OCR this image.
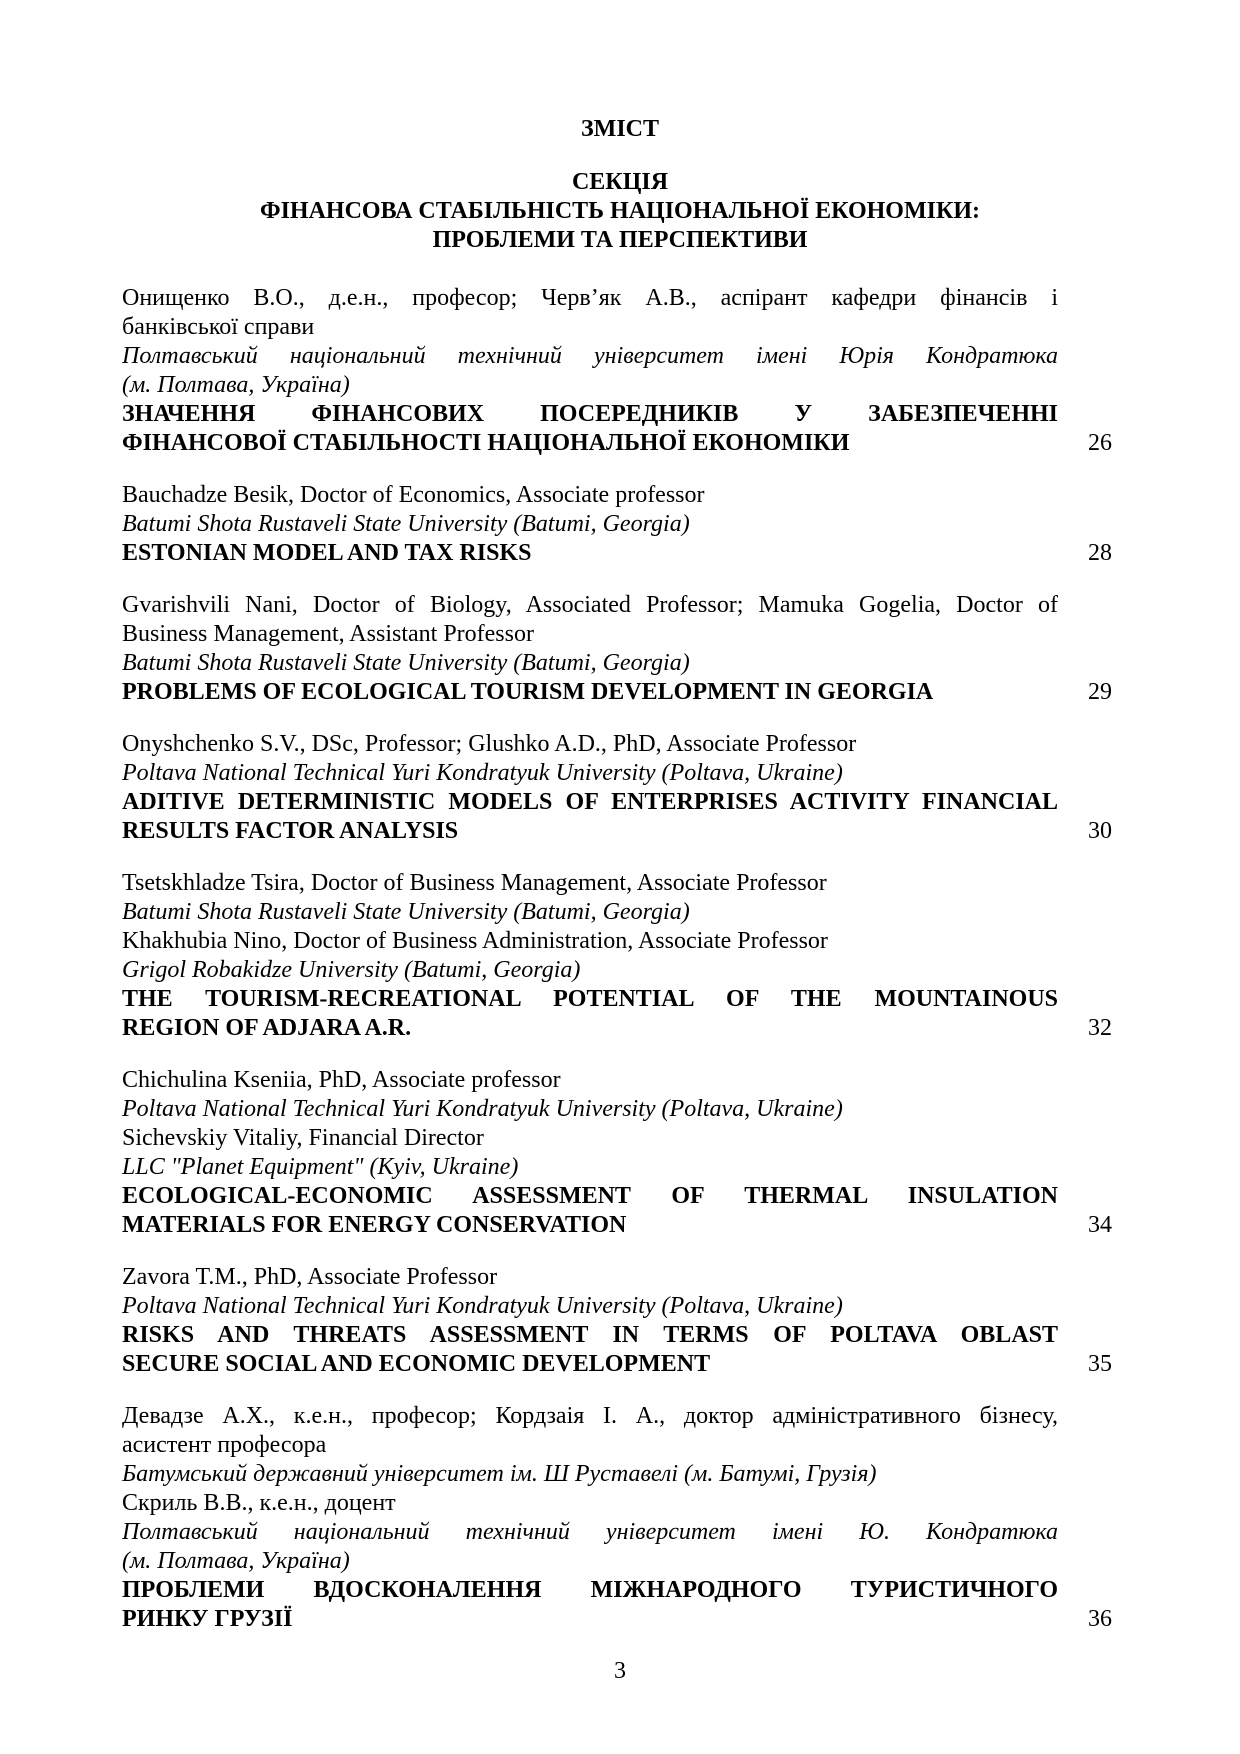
ЗМІСТ
СЕКЦІЯ
ФІНАНСОВА СТАБІЛЬНІСТЬ НАЦІОНАЛЬНОЇ ЕКОНОМІКИ:
ПРОБЛЕМИ ТА ПЕРСПЕКТИВИ
Онищенко В.О., д.е.н., професор; Черв’як А.В., аспірант кафедри фінансів і
банківської справи
Полтавський національний технічний університет імені Юрія Кондратюка
(м. Полтава, Україна)
ЗНАЧЕННЯ ФІНАНСОВИХ ПОСЕРЕДНИКІВ У ЗАБЕЗПЕЧЕННІ
ФІНАНСОВОЇ СТАБІЛЬНОСТІ НАЦІОНАЛЬНОЇ ЕКОНОМІКИ	26
Bauchadze Besik, Doctor of Economics, Associate professor
Batumi Shota Rustaveli State University (Batumi, Georgia)
ESTONIAN MODEL AND TAX RISKS	28
Gvarishvili Nani, Doctor of Biology, Associated Professor; Mamuka Gogelia, Doctor of
Business Management, Assistant Professor
Batumi Shota Rustaveli State University (Batumi, Georgia)
PROBLEMS OF ECOLOGICAL TOURISM DEVELOPMENT IN GEORGIA	29
Onyshchenko S.V., DSc, Professor; Glushko A.D., PhD, Associate Professor
Poltava National Technical Yuri Kondratyuk University (Poltava, Ukraine)
ADITIVE DETERMINISTIC MODELS OF ENTERPRISES ACTIVITY FINANCIAL
RESULTS FACTOR ANALYSIS	30
Tsetskhladze Tsira, Doctor of Business Management, Associate Professor
Batumi Shota Rustaveli State University (Batumi, Georgia)
Khakhubia Nino, Doctor of Business Administration, Associate Professor
Grigol Robakidze University (Batumi, Georgia)
THE TOURISM-RECREATIONAL POTENTIAL OF THE MOUNTAINOUS
REGION OF ADJARA A.R.	32
Chichulina Kseniia, PhD, Associate professor
Poltava National Technical Yuri Kondratyuk University (Poltava, Ukraine)
Sichevskiy Vitaliy, Financial Director
LLC "Planet Equipment" (Kyiv, Ukraine)
ECOLOGICAL-ECONOMIC ASSESSMENT OF THERMAL INSULATION
MATERIALS FOR ENERGY CONSERVATION	34
Zavora T.M., PhD, Associate Professor
Poltava National Technical Yuri Kondratyuk University (Poltava, Ukraine)
RISKS AND THREATS ASSESSMENT IN TERMS OF POLTAVA OBLAST
SECURE SOCIAL AND ECONOMIC DEVELOPMENT	35
Девадзе А.Х., к.е.н., професор; Кордзаія І. А., доктор адміністративного бізнесу,
асистент професора
Батумський державний університет ім. Ш Руставелі (м. Батумі, Грузія)
Скриль В.В., к.е.н., доцент
Полтавський національний технічний університет імені Ю. Кондратюка
(м. Полтава, Україна)
ПРОБЛЕМИ ВДОСКОНАЛЕННЯ МІЖНАРОДНОГО ТУРИСТИЧНОГО
РИНКУ ГРУЗІЇ	36
3
